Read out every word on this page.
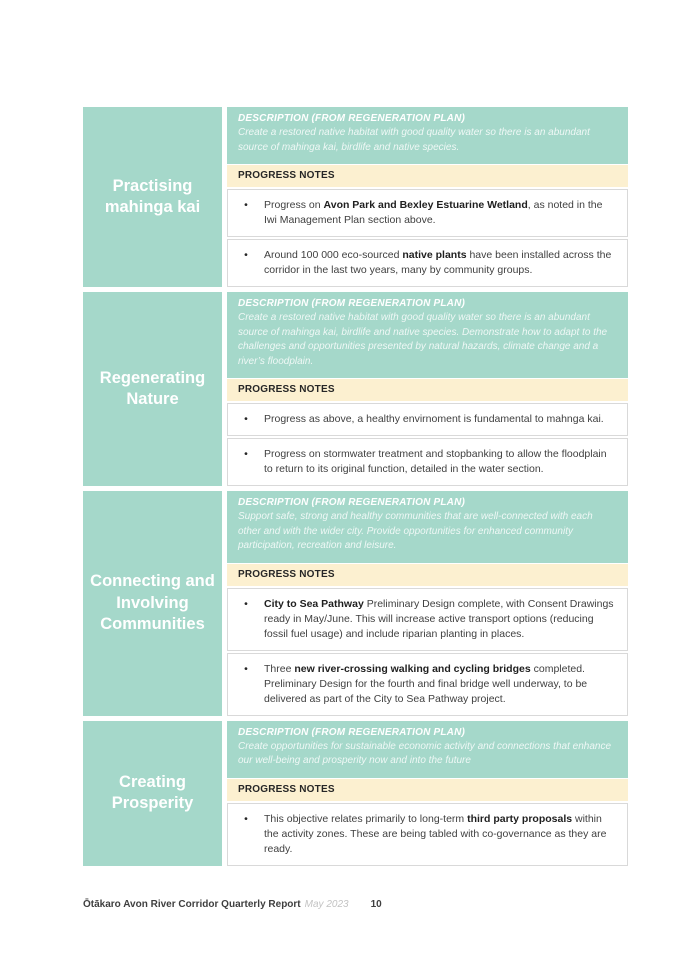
Practising mahinga kai
DESCRIPTION (FROM REGENERATION PLAN)
Create a restored native habitat with good quality water so there is an abundant source of mahinga kai, birdlife and native species.
PROGRESS NOTES
•	Progress on Avon Park and Bexley Estuarine Wetland, as noted in the Iwi Management Plan section above.
•	Around 100 000 eco-sourced native plants have been installed across the corridor in the last two years, many by community groups.
Regenerating Nature
DESCRIPTION (FROM REGENERATION PLAN)
Create a restored native habitat with good quality water so there is an abundant source of mahinga kai, birdlife and native species. Demonstrate how to adapt to the challenges and opportunities presented by natural hazards, climate change and a river’s floodplain.
PROGRESS NOTES
•	Progress as above, a healthy envirnoment is fundamental to mahnga kai.
•	Progress on stormwater treatment and stopbanking to allow the floodplain to return to its original function, detailed in the water section.
Connecting and Involving Communities
DESCRIPTION (FROM REGENERATION PLAN)
Support safe, strong and healthy communities that are well-connected with each other and with the wider city. Provide opportunities for enhanced community participation, recreation and leisure.
PROGRESS NOTES
•	City to Sea Pathway Preliminary Design complete, with Consent Drawings ready in May/June. This will increase active transport options (reducing fossil fuel usage) and include riparian planting in places.
•	Three new river-crossing walking and cycling bridges completed. Preliminary Design for the fourth and final bridge well underway, to be delivered as part of the City to Sea Pathway project.
Creating Prosperity
DESCRIPTION (FROM REGENERATION PLAN)
Create opportunities for sustainable economic activity and connections that enhance our well-being and prosperity now and into the future
PROGRESS NOTES
•	This objective relates primarily to long-term third party proposals within the activity zones. These are being tabled with co-governance as they are ready.
Ōtākaro Avon River Corridor Quarterly Report May 2023 10
